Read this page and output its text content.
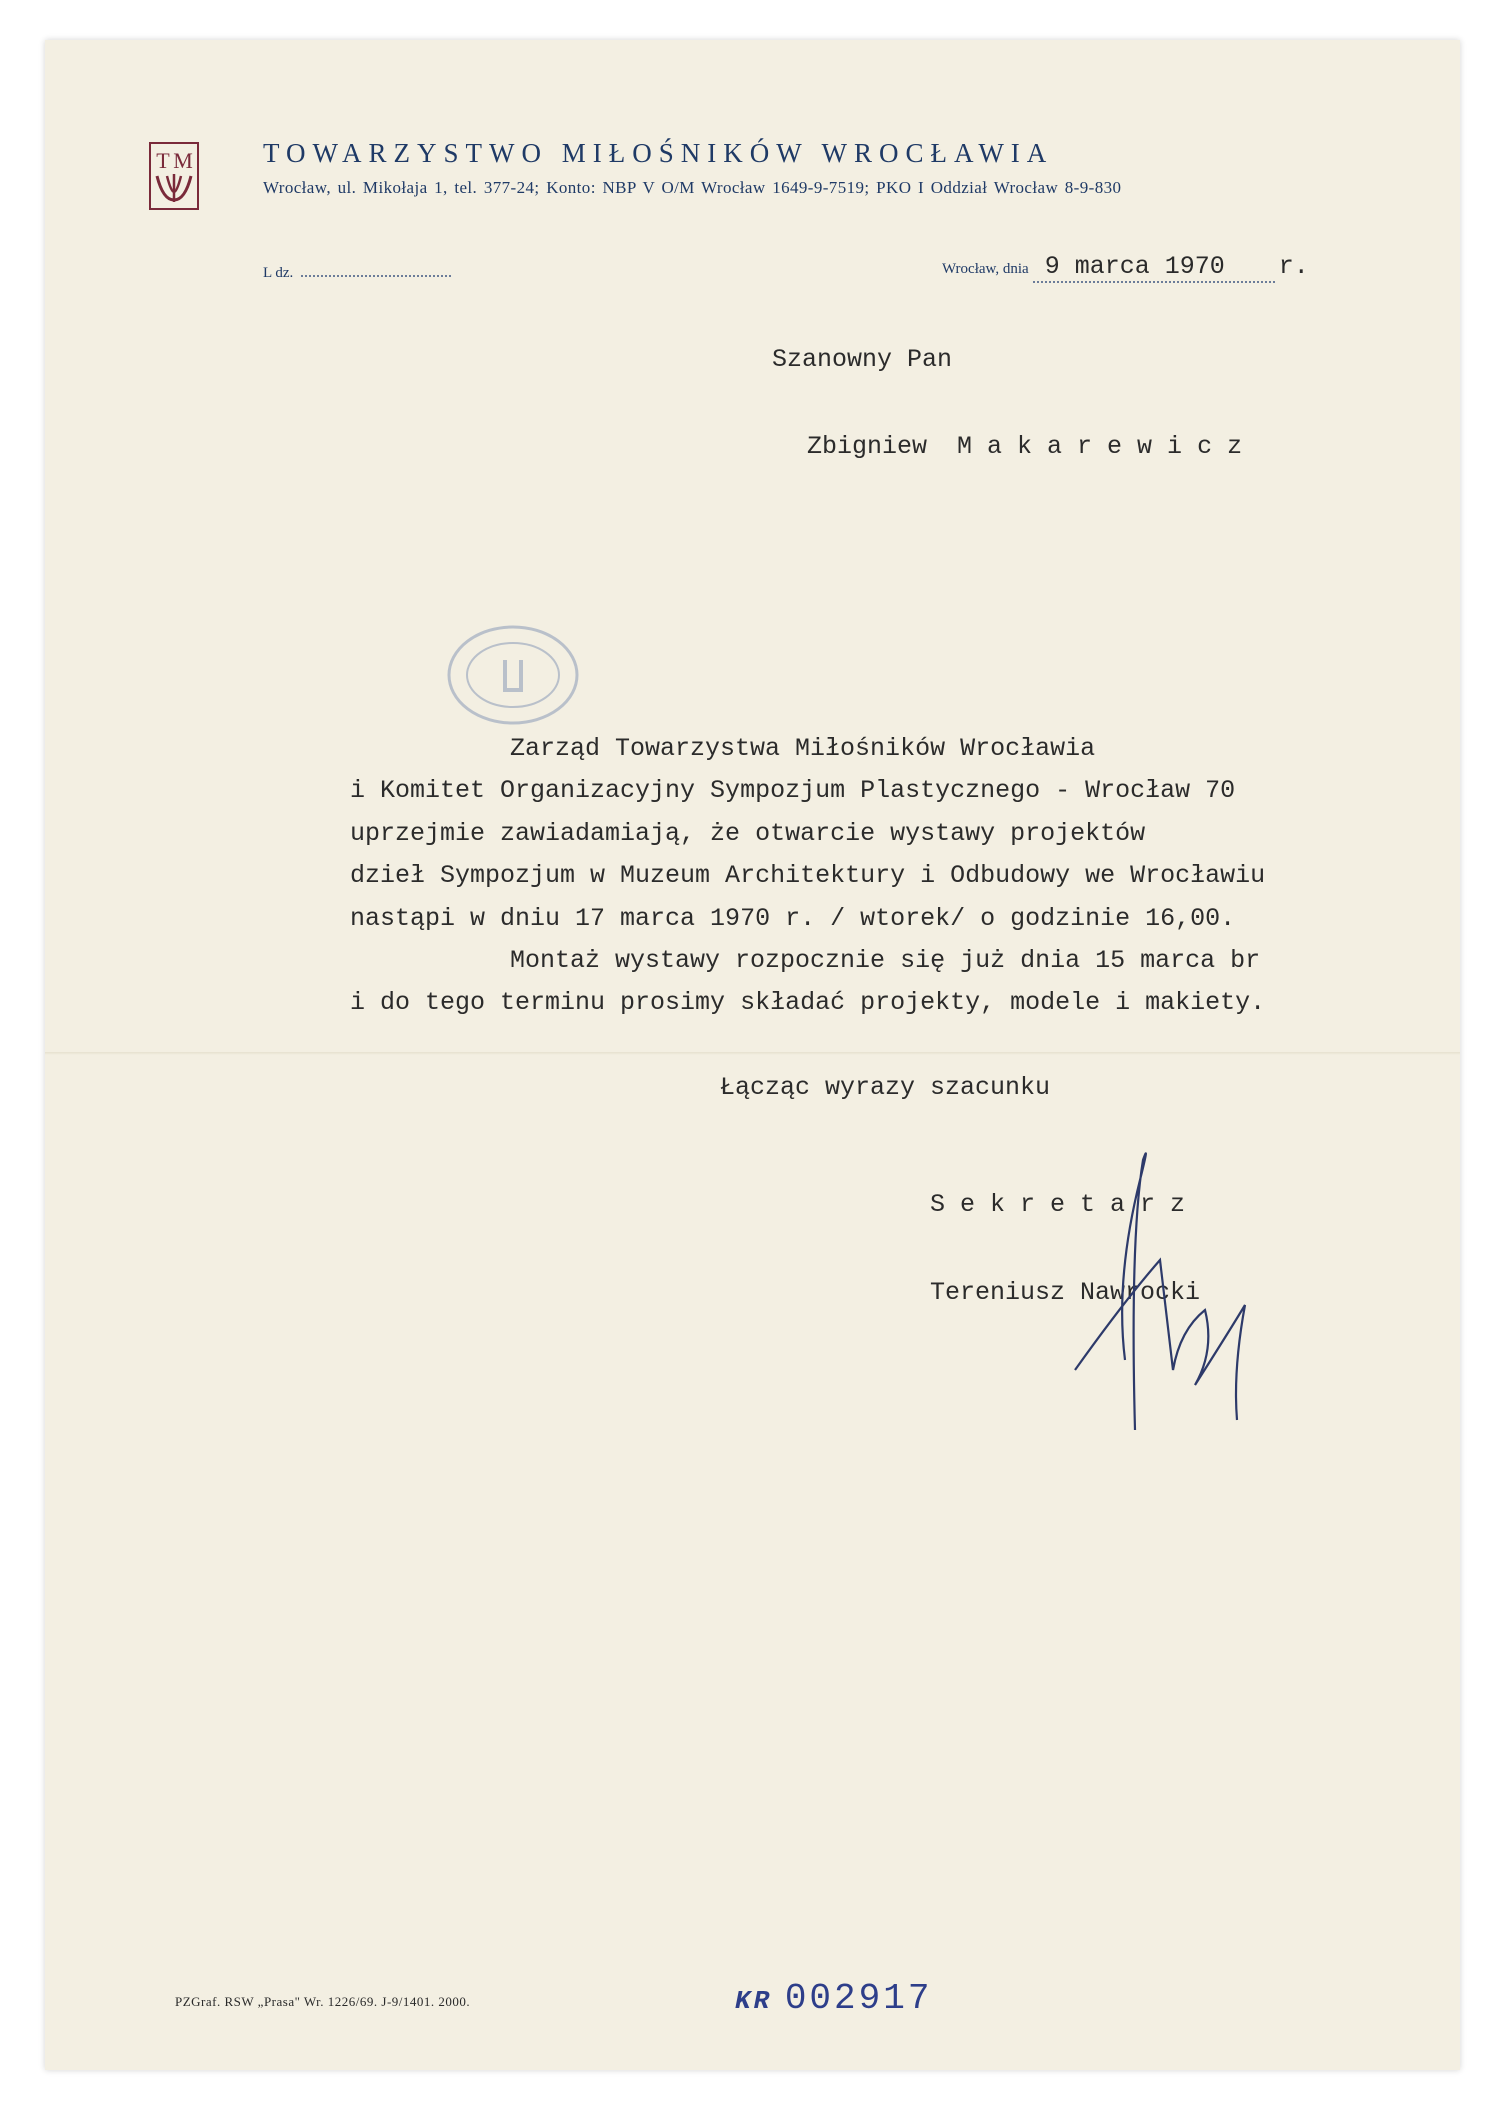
T M	TOWARZYSTWO MIŁOŚNIKÓW WROCŁAWIA

Wrocław, ul. Mikołaja 1, tel. 377-24; Konto: NBP V O/M Wrocław 1649-9-7519; PKO I Oddział Wrocław 8-9-830

L dz.	Wrocław, dnia 9 marca 1970 r.

Szanowny Pan

Zbigniew  M a k a r e w i c z

Zarząd Towarzystwa Miłośników Wrocławia

i Komitet Organizacyjny Sympozjum Plastycznego - Wrocław 70

uprzejmie zawiadamiają, że otwarcie wystawy projektów

dzieł Sympozjum w Muzeum Architektury i Odbudowy we Wrocławiu

nastąpi w dniu 17 marca 1970 r. / wtorek/ o godzinie 16,00.

Montaż wystawy rozpocznie się już dnia 15 marca br

i do tego terminu prosimy składać projekty, modele i makiety.

Łącząc wyrazy szacunku

S e k r e t a r z

Tereniusz Nawrocki

PZGraf. RSW „Prasa" Wr. 1226/69. J-9/1401. 2000.	KR 002917
